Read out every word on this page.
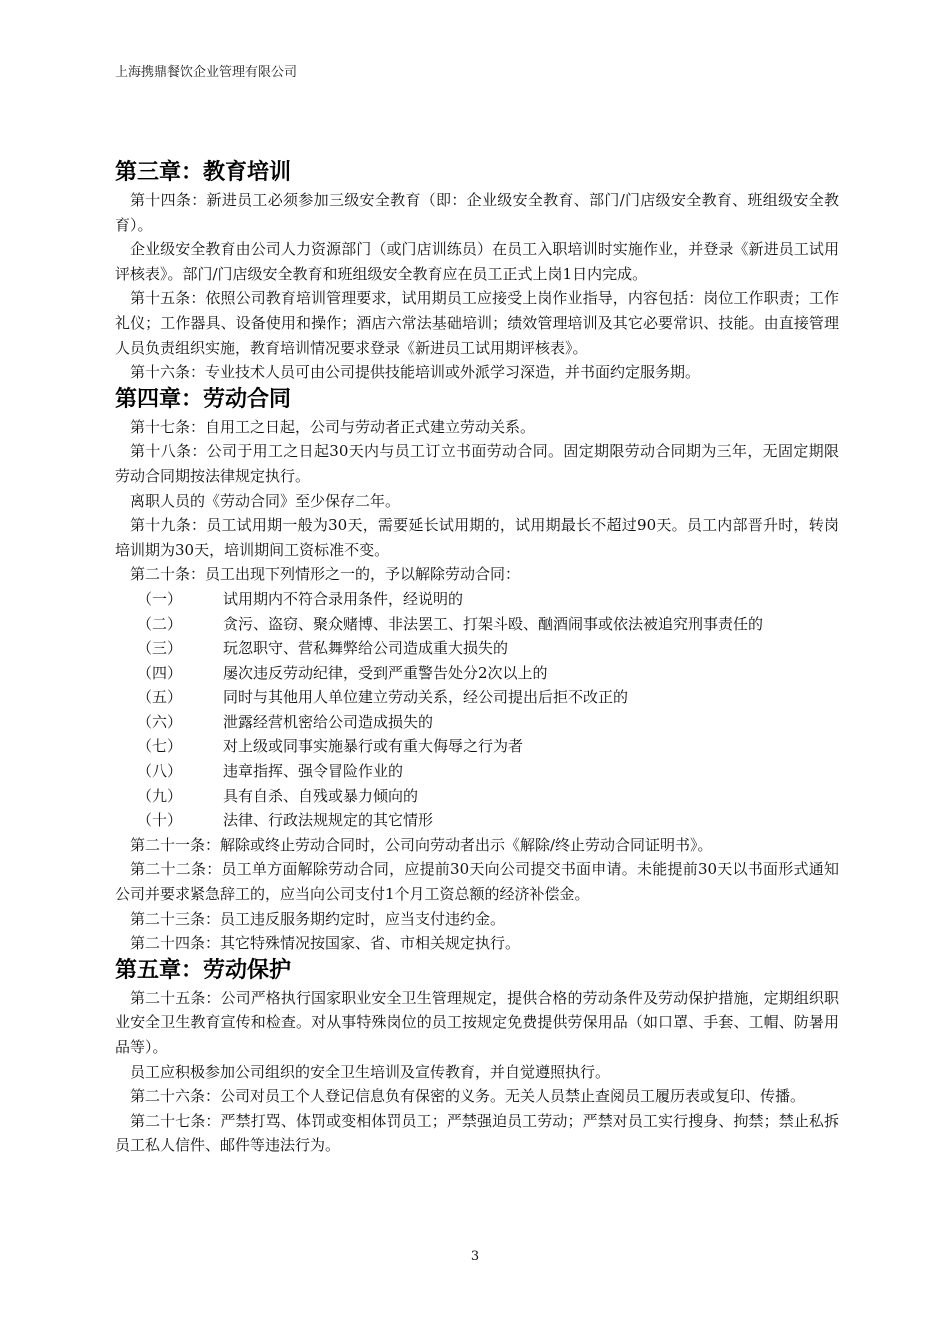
上海携鼎餐饮企业管理有限公司
第三章：教育培训

第十四条：新进员工必须参加三级安全教育（即：企业级安全教育、部门/门店级安全教育、班组级安全教育）。

企业级安全教育由公司人力资源部门（或门店训练员）在员工入职培训时实施作业，并登录《新进员工试用评核表》。部门/门店级安全教育和班组级安全教育应在员工正式上岗1日内完成。

第十五条：依照公司教育培训管理要求，试用期员工应接受上岗作业指导，内容包括：岗位工作职责；工作礼仪；工作器具、设备使用和操作；酒店六常法基础培训；绩效管理培训及其它必要常识、技能。由直接管理人员负责组织实施，教育培训情况要求登录《新进员工试用期评核表》。

第十六条：专业技术人员可由公司提供技能培训或外派学习深造，并书面约定服务期。

第四章：劳动合同

第十七条：自用工之日起，公司与劳动者正式建立劳动关系。

第十八条：公司于用工之日起30天内与员工订立书面劳动合同。固定期限劳动合同期为三年，无固定期限劳动合同期按法律规定执行。

离职人员的《劳动合同》至少保存二年。

第十九条：员工试用期一般为30天，需要延长试用期的，试用期最长不超过90天。员工内部晋升时，转岗培训期为30天，培训期间工资标准不变。

第二十条：员工出现下列情形之一的，予以解除劳动合同：

（一）	试用期内不符合录用条件，经说明的
（二）	贪污、盗窃、聚众赌博、非法罢工、打架斗殴、酗酒闹事或依法被追究刑事责任的
（三）	玩忽职守、营私舞弊给公司造成重大损失的
（四）	屡次违反劳动纪律，受到严重警告处分2次以上的
（五）	同时与其他用人单位建立劳动关系，经公司提出后拒不改正的
（六）	泄露经营机密给公司造成损失的
（七）	对上级或同事实施暴行或有重大侮辱之行为者
（八）	违章指挥、强令冒险作业的
（九）	具有自杀、自残或暴力倾向的
（十）	法律、行政法规规定的其它情形

第二十一条：解除或终止劳动合同时，公司向劳动者出示《解除/终止劳动合同证明书》。

第二十二条：员工单方面解除劳动合同，应提前30天向公司提交书面申请。未能提前30天以书面形式通知公司并要求紧急辞工的，应当向公司支付1个月工资总额的经济补偿金。

第二十三条：员工违反服务期约定时，应当支付违约金。

第二十四条：其它特殊情况按国家、省、市相关规定执行。

第五章：劳动保护

第二十五条：公司严格执行国家职业安全卫生管理规定，提供合格的劳动条件及劳动保护措施，定期组织职业安全卫生教育宣传和检查。对从事特殊岗位的员工按规定免费提供劳保用品（如口罩、手套、工帽、防暑用品等）。

员工应积极参加公司组织的安全卫生培训及宣传教育，并自觉遵照执行。

第二十六条：公司对员工个人登记信息负有保密的义务。无关人员禁止查阅员工履历表或复印、传播。

第二十七条：严禁打骂、体罚或变相体罚员工；严禁强迫员工劳动；严禁对员工实行搜身、拘禁；禁止私拆员工私人信件、邮件等违法行为。

3
